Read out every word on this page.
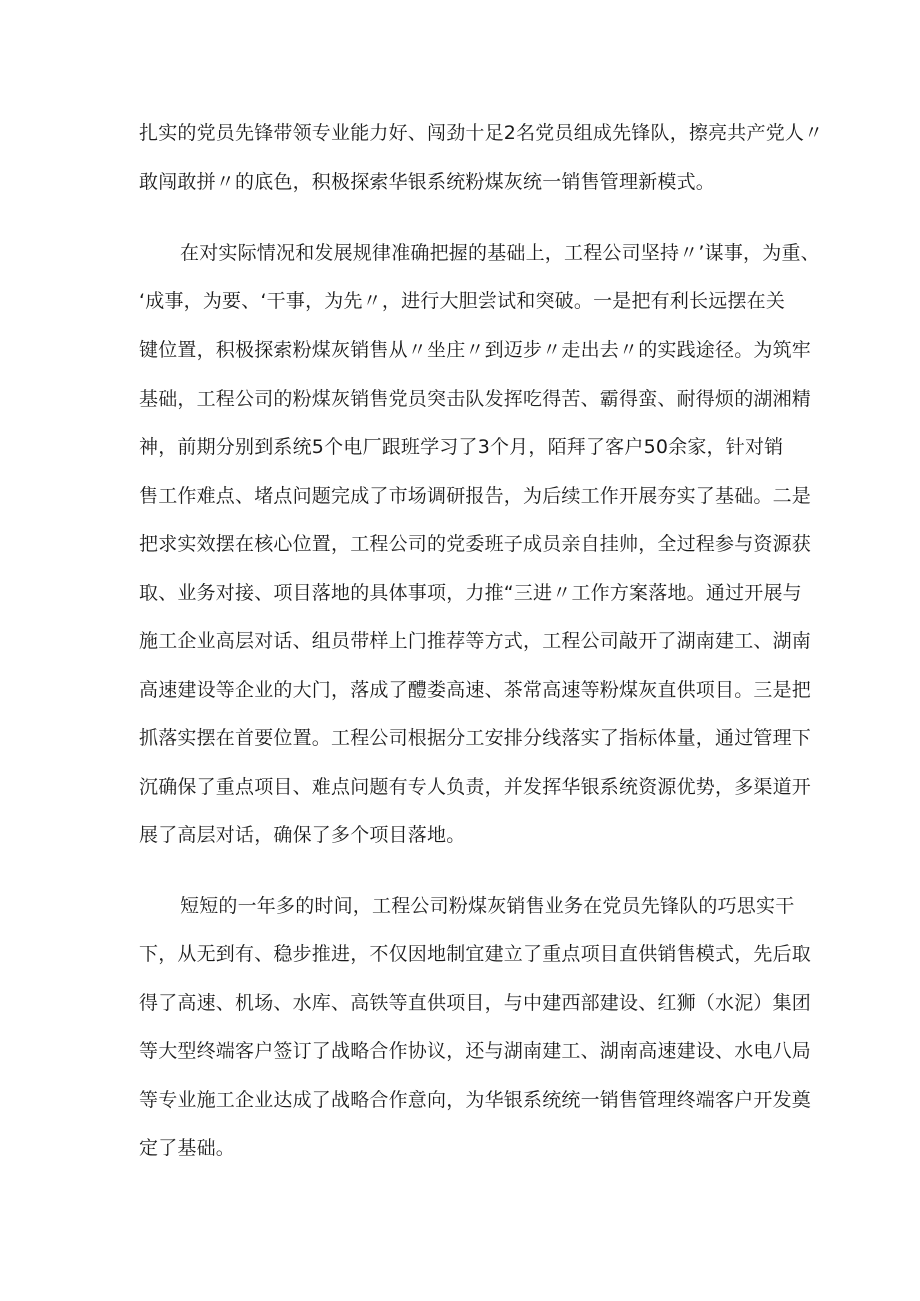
扎实的党员先锋带领专业能力好、闯劲十足2名党员组成先锋队，擦亮共产党人〃

敢闯敢拼〃的底色，积极探索华银系统粉煤灰统一销售管理新模式。

在对实际情况和发展规律准确把握的基础上，工程公司坚持〃’谋事，为重、

‘成事，为要、‘干事，为先〃，进行大胆尝试和突破。一是把有利长远摆在关

键位置，积极探索粉煤灰销售从〃坐庄〃到迈步〃走出去〃的实践途径。为筑牢

基础，工程公司的粉煤灰销售党员突击队发挥吃得苦、霸得蛮、耐得烦的湖湘精

神，前期分别到系统5个电厂跟班学习了3个月，陌拜了客户50余家，针对销

售工作难点、堵点问题完成了市场调研报告，为后续工作开展夯实了基础。二是

把求实效摆在核心位置，工程公司的党委班子成员亲自挂帅，全过程参与资源获

取、业务对接、项目落地的具体事项，力推“三进〃工作方案落地。通过开展与

施工企业高层对话、组员带样上门推荐等方式，工程公司敲开了湖南建工、湖南

高速建设等企业的大门，落成了醴娄高速、茶常高速等粉煤灰直供项目。三是把

抓落实摆在首要位置。工程公司根据分工安排分线落实了指标体量，通过管理下

沉确保了重点项目、难点问题有专人负责，并发挥华银系统资源优势，多渠道开

展了高层对话，确保了多个项目落地。

短短的一年多的时间，工程公司粉煤灰销售业务在党员先锋队的巧思实干

下，从无到有、稳步推进，不仅因地制宜建立了重点项目直供销售模式，先后取

得了高速、机场、水库、高铁等直供项目，与中建西部建设、红狮（水泥）集团

等大型终端客户签订了战略合作协议，还与湖南建工、湖南高速建设、水电八局

等专业施工企业达成了战略合作意向，为华银系统统一销售管理终端客户开发奠

定了基础。
